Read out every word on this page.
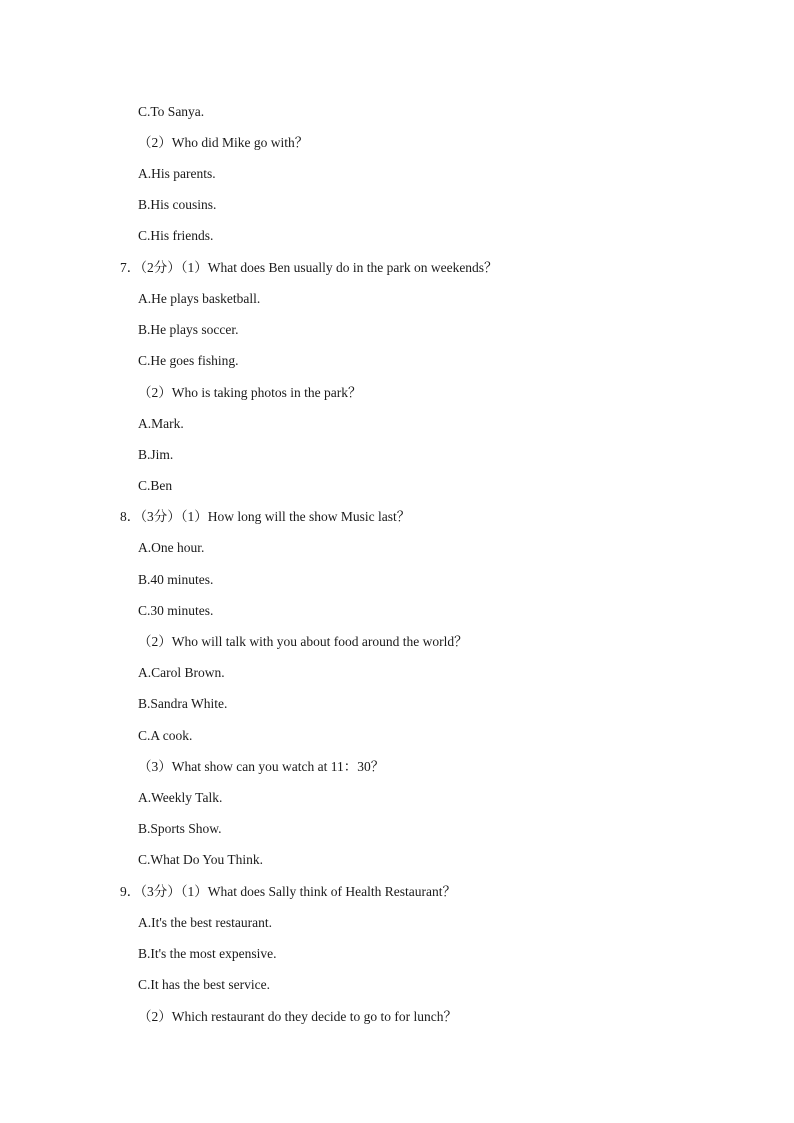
C.To Sanya.
（2）Who did Mike go with？
A.His parents.
B.His cousins.
C.His friends.
7．（2分）（1）What does Ben usually do in the park on weekends？
A.He plays basketball.
B.He plays soccer.
C.He goes fishing.
（2）Who is taking photos in the park？
A.Mark.
B.Jim.
C.Ben
8．（3分）（1）How long will the show Music last？
A.One hour.
B.40 minutes.
C.30 minutes.
（2）Who will talk with you about food around the world？
A.Carol Brown.
B.Sandra White.
C.A cook.
（3）What show can you watch at 11：30？
A.Weekly Talk.
B.Sports Show.
C.What Do You Think.
9．（3分）（1）What does Sally think of Health Restaurant？
A.It's the best restaurant.
B.It's the most expensive.
C.It has the best service.
（2）Which restaurant do they decide to go to for lunch？
